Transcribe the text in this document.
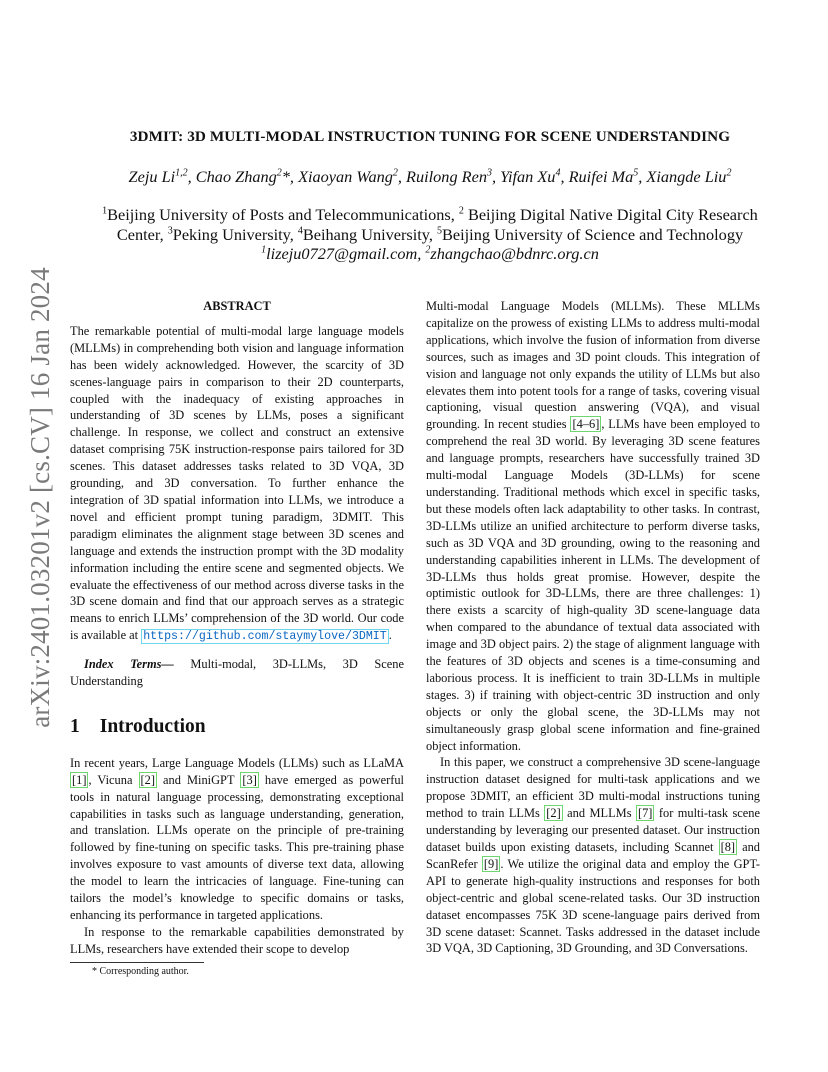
arXiv:2401.03201v2 [cs.CV] 16 Jan 2024
3DMIT: 3D MULTI-MODAL INSTRUCTION TUNING FOR SCENE UNDERSTANDING
Zeju Li$^{1,2}$, Chao Zhang$^2$*, Xiaoyan Wang$^2$, Ruilong Ren$^3$, Yifan Xu$^4$, Ruifei Ma$^5$, Xiangde Liu$^2$
$^1$Beijing University of Posts and Telecommunications, $^2$ Beijing Digital Native Digital City Research
Center, $^3$Peking University, $^4$Beihang University, $^5$Beijing University of Science and Technology
$^1$lizeju0727@gmail.com, $^2$zhangchao@bdnrc.org.cn
ABSTRACT

The remarkable potential of multi-modal large language models (MLLMs) in comprehending both vision and language information has been widely acknowledged. However, the scarcity of 3D scenes-language pairs in comparison to their 2D counterparts, coupled with the inadequacy of existing approaches in understanding of 3D scenes by LLMs, poses a significant challenge. In response, we collect and construct an extensive dataset comprising 75K instruction-response pairs tailored for 3D scenes. This dataset addresses tasks related to 3D VQA, 3D grounding, and 3D conversation. To further enhance the integration of 3D spatial information into LLMs, we introduce a novel and efficient prompt tuning paradigm, 3DMIT. This paradigm eliminates the alignment stage between 3D scenes and language and extends the instruction prompt with the 3D modality information including the entire scene and segmented objects. We evaluate the effectiveness of our method across diverse tasks in the 3D scene domain and find that our approach serves as a strategic means to enrich LLMs’ comprehension of the 3D world. Our code is available at https://github.com/staymylove/3DMIT .

Index Terms— Multi-modal, 3D-LLMs, 3D Scene Understanding

1 Introduction

In recent years, Large Language Models (LLMs) such as LLaMA [1] , Vicuna [2] and MiniGPT [3] have emerged as powerful tools in natural language processing, demonstrating exceptional capabilities in tasks such as language understanding, generation, and translation. LLMs operate on the principle of pre-training followed by fine-tuning on specific tasks. This pre-training phase involves exposure to vast amounts of diverse text data, allowing the model to learn the intricacies of language. Fine-tuning can tailors the model’s knowledge to specific domains or tasks, enhancing its performance in targeted applications.

In response to the remarkable capabilities demonstrated by LLMs, researchers have extended their scope to develop

Multi-modal Language Models (MLLMs). These MLLMs capitalize on the prowess of existing LLMs to address multi-modal applications, which involve the fusion of information from diverse sources, such as images and 3D point clouds. This integration of vision and language not only expands the utility of LLMs but also elevates them into potent tools for a range of tasks, covering visual captioning, visual question answering (VQA), and visual grounding. In recent studies [4–6] , LLMs have been employed to comprehend the real 3D world. By leveraging 3D scene features and language prompts, researchers have successfully trained 3D multi-modal Language Models (3D-LLMs) for scene understanding. Traditional methods which excel in specific tasks, but these models often lack adaptability to other tasks. In contrast, 3D-LLMs utilize an unified architecture to perform diverse tasks, such as 3D VQA and 3D grounding, owing to the reasoning and understanding capabilities inherent in LLMs. The development of 3D-LLMs thus holds great promise. However, despite the optimistic outlook for 3D-LLMs, there are three challenges: 1) there exists a scarcity of high-quality 3D scene-language data when compared to the abundance of textual data associated with image and 3D object pairs. 2) the stage of alignment language with the features of 3D objects and scenes is a time-consuming and laborious process. It is inefficient to train 3D-LLMs in multiple stages. 3) if training with object-centric 3D instruction and only objects or only the global scene, the 3D-LLMs may not simultaneously grasp global scene information and fine-grained object information.

In this paper, we construct a comprehensive 3D scene-language instruction dataset designed for multi-task applications and we propose 3DMIT, an efficient 3D multi-modal instructions tuning method to train LLMs [2] and MLLMs [7] for multi-task scene understanding by leveraging our presented dataset. Our instruction dataset builds upon existing datasets, including Scannet [8] and ScanRefer [9] . We utilize the original data and employ the GPT-API to generate high-quality instructions and responses for both object-centric and global scene-related tasks. Our 3D instruction dataset encompasses 75K 3D scene-language pairs derived from 3D scene dataset: Scannet. Tasks addressed in the dataset include 3D VQA, 3D Captioning, 3D Grounding, and 3D Conversations.

* Corresponding author.
